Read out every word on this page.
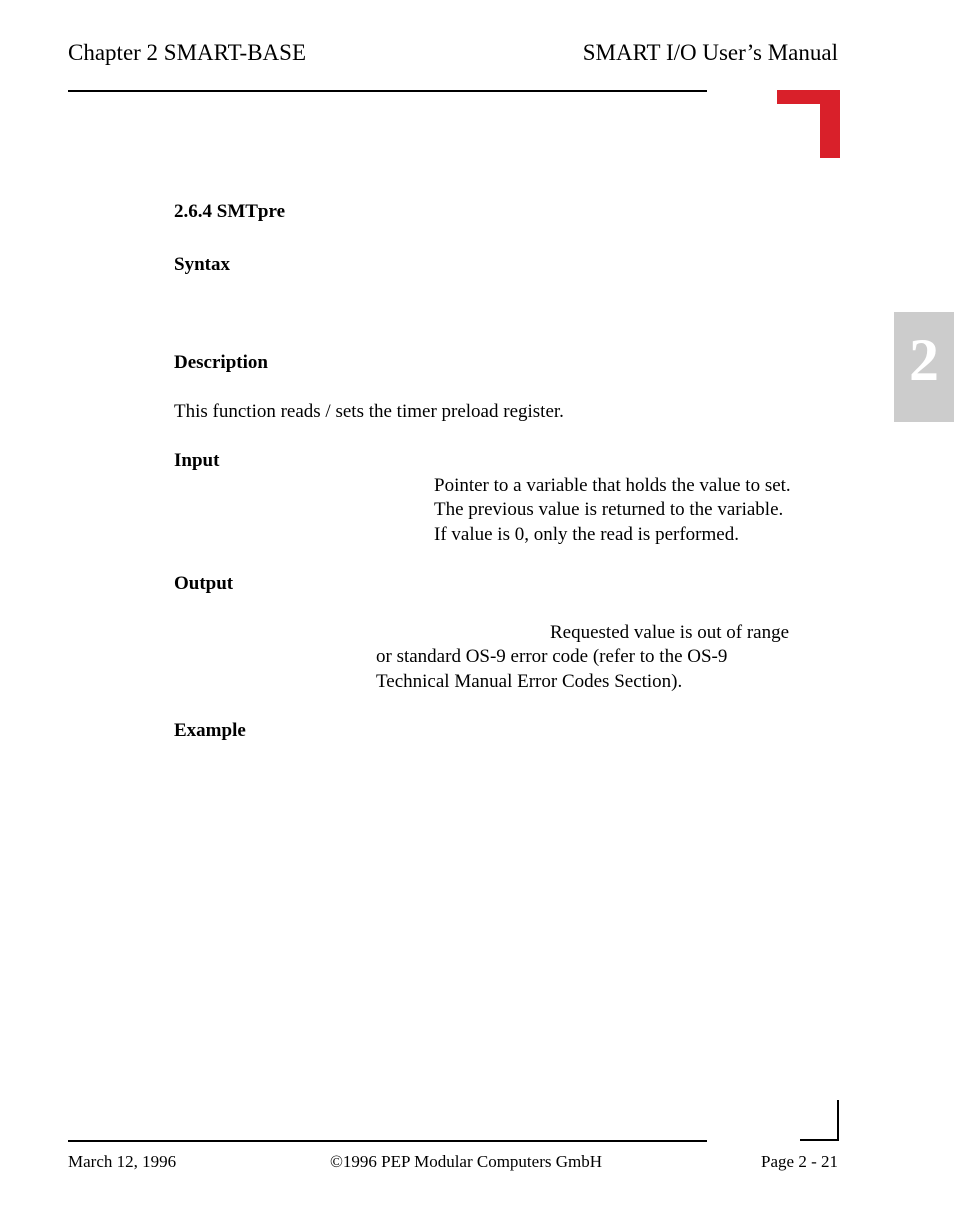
Chapter 2 SMART-BASE	SMART I/O User’s Manual
2
2.6.4 SMTpre
Syntax
Description
This function reads / sets the timer preload register.
Input
Pointer to a variable that holds the value to set.
The previous value is returned to the variable.
If value is 0, only the read is performed.
Output
Requested value is out of range
or standard OS-9 error code (refer to the OS-9
Technical Manual Error Codes Section).
Example
March 12, 1996	©1996 PEP Modular Computers GmbH	Page 2 - 21
